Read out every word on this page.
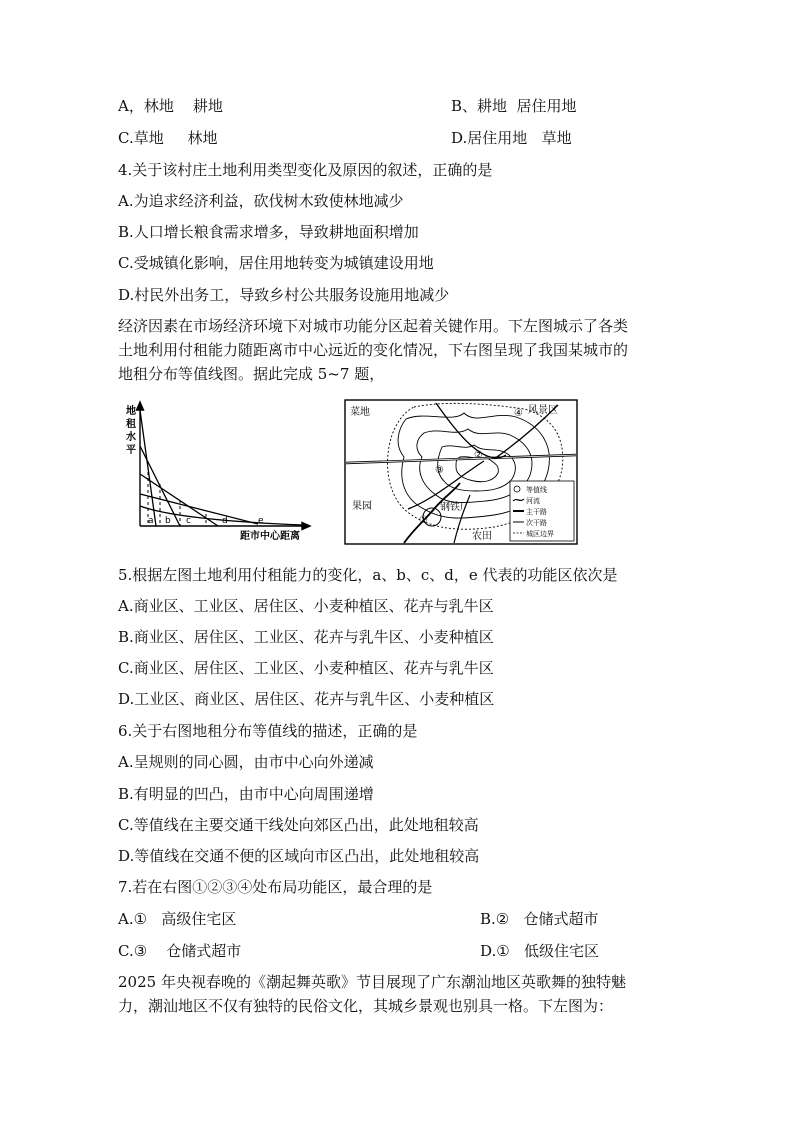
A，林地    耕地	B、耕地  居住用地
C.草地     林地	D.居住用地   草地
4.关于该村庄土地利用类型变化及原因的叙述，正确的是
A.为追求经济利益，砍伐树木致使林地减少
B.人口增长粮食需求增多，导致耕地面积增加
C.受城镇化影响，居住用地转变为城镇建设用地
D.村民外出务工，导致乡村公共服务设施用地减少
经济因素在市场经济环境下对城市功能分区起着关键作用。下左图城示了各类
土地利用付租能力随距离市中心远近的变化情况，下右图呈现了我国某城市的
地租分布等值线图。据此完成 5~7 题，
地
租
水
平
a b c	d	e
距市中心距离
②
③
①
④
菜地	风景区
果园	钢铁厂
农田
等值线
河流
主干路
次干路
城区边界
5.根据左图土地利用付租能力的变化，a、b、c、d，e 代表的功能区依次是
A.商业区、工业区、居住区、小麦种植区、花卉与乳牛区
B.商业区、居住区、工业区、花卉与乳牛区、小麦种植区
C.商业区、居住区、工业区、小麦种植区、花卉与乳牛区
D.工业区、商业区、居住区、花卉与乳牛区、小麦种植区
6.关于右图地租分布等值线的描述，正确的是
A.呈规则的同心圆，由市中心向外递减
B.有明显的凹凸，由市中心向周围递增
C.等值线在主要交通干线处向郊区凸出，此处地租较高
D.等值线在交通不便的区域向市区凸出，此处地租较高
7.若在右图①②③④处布局功能区，最合理的是
A.①   高级住宅区	B.②   仓储式超市
C.③    仓储式超市	D.①   低级住宅区
2025 年央视春晚的《潮起舞英歌》节目展现了广东潮汕地区英歌舞的独特魅
力，潮汕地区不仅有独特的民俗文化，其城乡景观也别具一格。下左图为：
